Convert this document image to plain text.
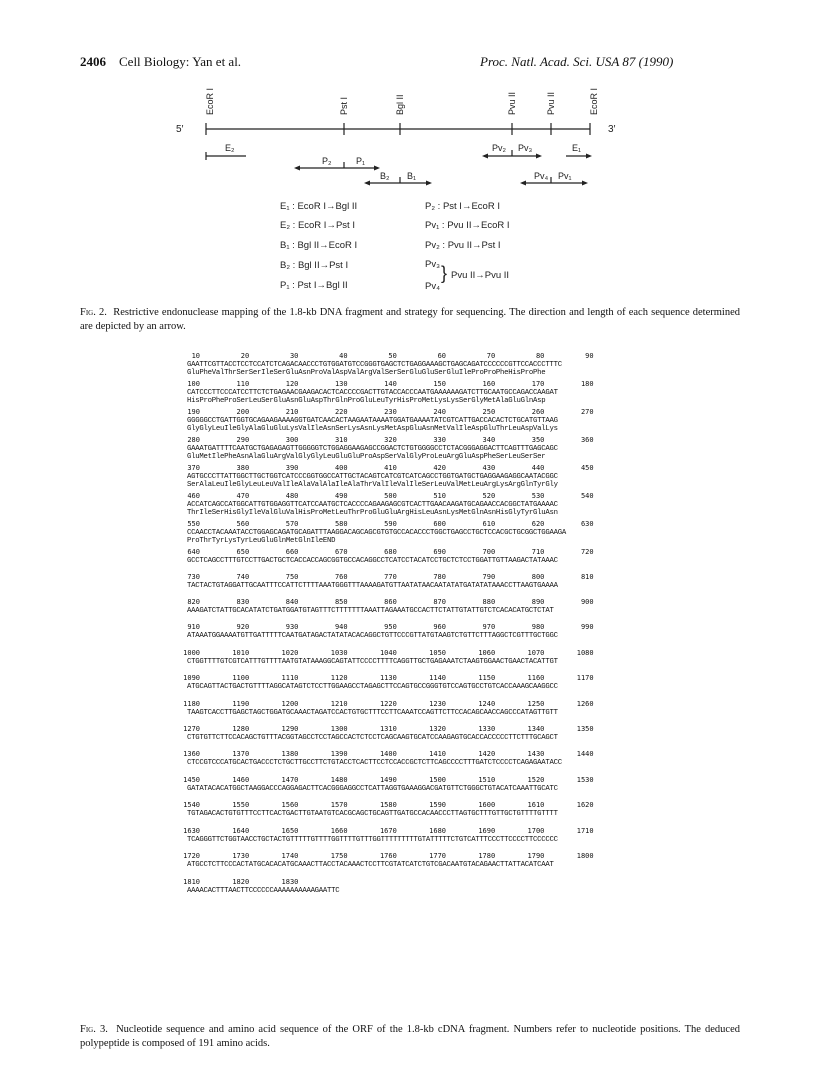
2406 Cell Biology: Yan et al.	Proc. Natl. Acad. Sci. USA 87 (1990)
EcoR I	Pst I	Bgl II	Pvu II	Pvu II	EcoR I
5′	3′
E₂
P₂	P₁
B₂ B₁
Pv₂ Pv₃	E₁
Pv₄ Pv₁
E₁ : EcoR I→Bgl II
E₂ : EcoR I→Pst I
B₁ : Bgl II→EcoR I
B₂ : Bgl II→Pst I
P₁ : Pst I→Bgl II
P₂ : Pst I→EcoR I
Pv₁ : Pvu II→EcoR I
Pv₂ : Pvu II→Pst I
Pv₃
Pv₄
} Pvu II→Pvu II
Fig. 2. Restrictive endonuclease mapping of the 1.8-kb DNA fragment and strategy for sequencing. The direction and length of each sequence determined are depicted by an arrow.
10	20	30	40	50	60	70	80	90
GAATTCGTTACCTCCTCCATCTCAGACAACCCTGTGGATGTCCGGGTGAGCTCTGAGGAAAGCTGAGCAGATCCCCCCGTTCCACCCTTTC
GluPheValThrSerSerIleSerGluAsnProValAspValArgValSerSerGluGluSerGluIleProProPheHisProPhe
100	110	120	130	140	150	160	170	180
CATCCCTTCCCATCCTTCTCTGAGAACGAAGACACTCACCCCGACTTGTACCACCCAATGAAAAAAGATCTTGCAATGCCAGACCAAGAT
HisProPheProSerLeuSerGluAsnGluAspThrGlnProGluLeuTyrHisProMetLysLysSerGlyMetAlaGluGlnAsp
190	200	210	220	230	240	250	260	270
GGGGGCCTGATTGGTGCAGAAGAAAAGGTGATCAACACTAAGAATAAAATGGATGAAAATATCGTCATTGACCACACTCTGCATGTTAAG
GlyGlyLeuIleGlyAlaGluGluLysValIleAsnSerLysAsnLysMetAspGluAsnMetValIleAspGluThrLeuAspValLys
280	290	300	310	320	330	340	350	360
GAAATGATTTTCAATGCTGAGAGAGTTGGGGGTCTGGAGGAAGAGCCGGACTCTGTGGGGCCTCTACGGGAGGACTTCAGTTTGAGCAGC
GluMetIlePheAsnAlaGluArgValGlyGlyLeuGluGluProAspSerValGlyProLeuArgGluAspPheSerLeuSerSer
370	380	390	400	410	420	430	440	450
AGTGCCCTTATTGGCTTGCTGGTCATCCCGGTGGCCATTGCTACAGTCATCGTCATCAGCCTGGTGATGCTGAGGAAGAGGCAATACGGC
SerAlaLeuIleGlyLeuLeuValIleAlaValAlaIleAlaThrValIleValIleSerLeuValMetLeuArgLysArgGlnTyrGly
460	470	480	490	500	510	520	530	540
ACCATCAGCCATGGCATTGTGGAGGTTCATCCAATGCTCACCCCAGAAGAGCGTCACTTGAACAAGATGCAGAACCACGGCTATGAAAAC
ThrIleSerHisGlyIleValGluValHisProMetLeuThrProGluGluArgHisLeuAsnLysMetGlnAsnHisGlyTyrGluAsn
550	560	570	580	590	600	610	620	630
CCAACCTACAAATACCTGGAGCAGATGCAGATTTAAGGACAGCAGCGTGTGCCACACCCTGGCTGAGCCTGCTCCACGCTGCGGCTGGAAGA
ProThrTyrLysTyrLeuGluGlnMetGlnIleEND
640	650	660	670	680	690	700	710	720
GCCTCAGCCTTTGTCCTTGACTGCTCACCACCAGCGGTGCCACAGGCCTCATCCTACATCCTGCTCTCCTGGATTGTTAAGACTATAAAC
730	740	750	760	770	780	790	800	810
TACTACTGTAGGATTGCAATTTCCATTCTTTTAAATGGGTTTAAAAGATGTTAATATAACAATATATGATATATAAACCTTAAGTGAAAA
820	830	840	850	860	870	880	890	900
AAAGATCTATTGCACATATCTGATGGATGTAGTTTCTTTTTTTAAATTAGAAATGCCACTTCTATTGTATTGTCTCACACATGCTCTAT
910	920	930	940	950	960	970	980	990
ATAAATGGAAAATGTTGATTTTTCAATGATAGACTATATACACAGGCTGTTCCCGTTATGTAAGTCTGTTCTTTAGGCTCGTTTGCTGGC
1000	1010	1020	1030	1040	1050	1060	1070	1080
CTGGTTTTGTCGTCATTTGTTTTAATGTATAAAGGCAGTATTCCCCTTTTCAGGTTGCTGAGAAATCTAAGTGGAACTGAACTACATTGT
1090	1100	1110	1120	1130	1140	1150	1160	1170
ATGCAGTTACTGACTGTTTTAGGCATAGTCTCCTTGGAAGCCTAGAGCTTCCAGTGCCGGGTGTCCAGTGCCTGTCACCAAAGCAAGGCC
1180	1190	1200	1210	1220	1230	1240	1250	1260
TAAGTCACCTTGAGCTAGCTGGATGCAAACTAGATCCACTGTGCTTTCCTTCAAATCCAGTTCTTCCACAGCAACCAGCCCATAGTTGTT
1270	1280	1290	1300	1310	1320	1330	1340	1350
CTGTGTTCTTCCACAGCTGTTTACGGTAGCCTCCTAGCCACTCTCCTCAGCAAGTGCATCCAAGAGTGCACCACCCCCTTCTTTGCAGCT
1360	1370	1380	1390	1400	1410	1420	1430	1440
CTCCGTCCCATGCACTGACCCTCTGCTTGCCTTCTGTACCTCACTTCCTCCACCGCTCTTCAGCCCCTTTGATCTCCCCTCAGAGAATACC
1450	1460	1470	1480	1490	1500	1510	1520	1530
GATATACACATGGCTAAGGACCCAGGAGACTTCACGGGAGGCCTCATTAGGTGAAAGGACGATGTTCTGGGCTGTACATCAAATTGCATC
1540	1550	1560	1570	1580	1590	1600	1610	1620
TGTAGACACTGTGTTTCCTTCACTGACTTGTAATGTCACGCAGCTGCAGTTGATGCCACAACCCTTAGTGCTTTGTTGCTGTTTTGTTTT
1630	1640	1650	1660	1670	1680	1690	1700	1710
TCAGGGTTCTGGTAACCTGCTACTGTTTTTGTTTTGGTTTTGTTTGGTTTTTTTTTGTATTTTTCTGTCATTTCCCTTCCCCTTCCCCCC
1720	1730	1740	1750	1760	1770	1780	1790	1800
ATGCCTCTTCCCACTATGCACACATGCAAACTTACCTACAAACTCCTTCGTATCATCTGTCGACAATGTACAGAACTTATTACATCAAT
1810	1820	1830
AAAACACTTTAACTTCCCCCCAAAAAAAAAAGAATTC
Fig. 3. Nucleotide sequence and amino acid sequence of the ORF of the 1.8-kb cDNA fragment. Numbers refer to nucleotide positions. The deduced polypeptide is composed of 191 amino acids.
